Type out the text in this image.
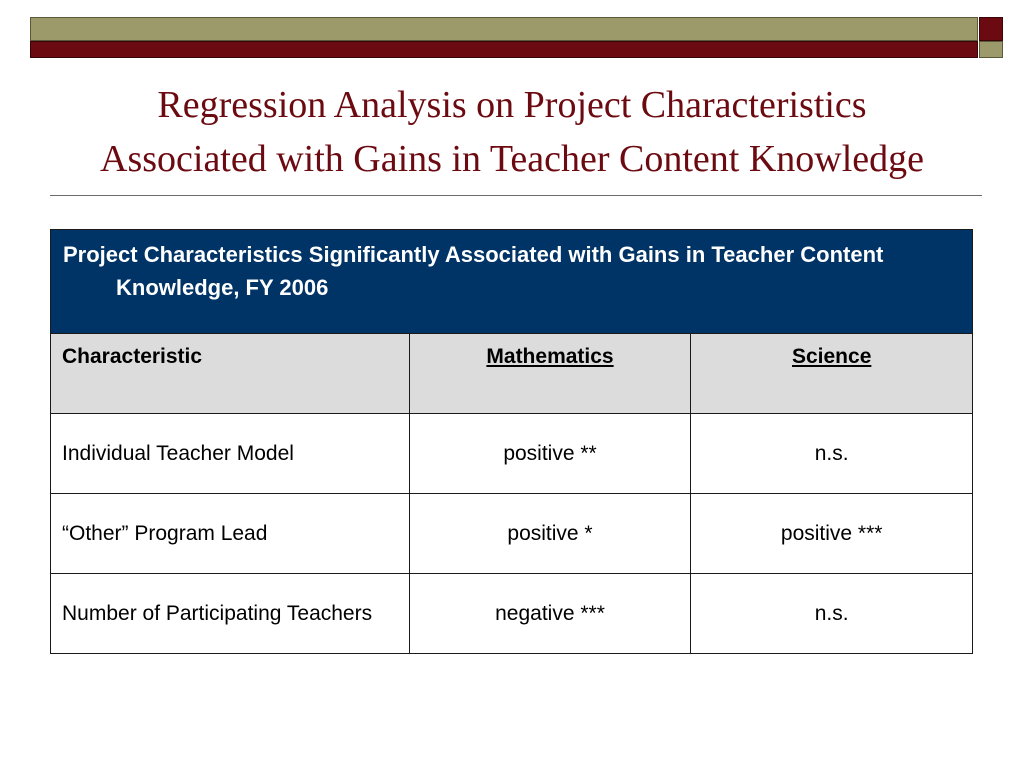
Regression Analysis on Project Characteristics
Associated with Gains in Teacher Content Knowledge
Project Characteristics Significantly Associated with Gains in Teacher Content Knowledge, FY 2006		

Characteristic	Mathematics	Science
Individual Teacher Model	positive **	n.s.
“Other” Program Lead	positive *	positive ***

Number of Participating Teachers	negative ***	n.s.
